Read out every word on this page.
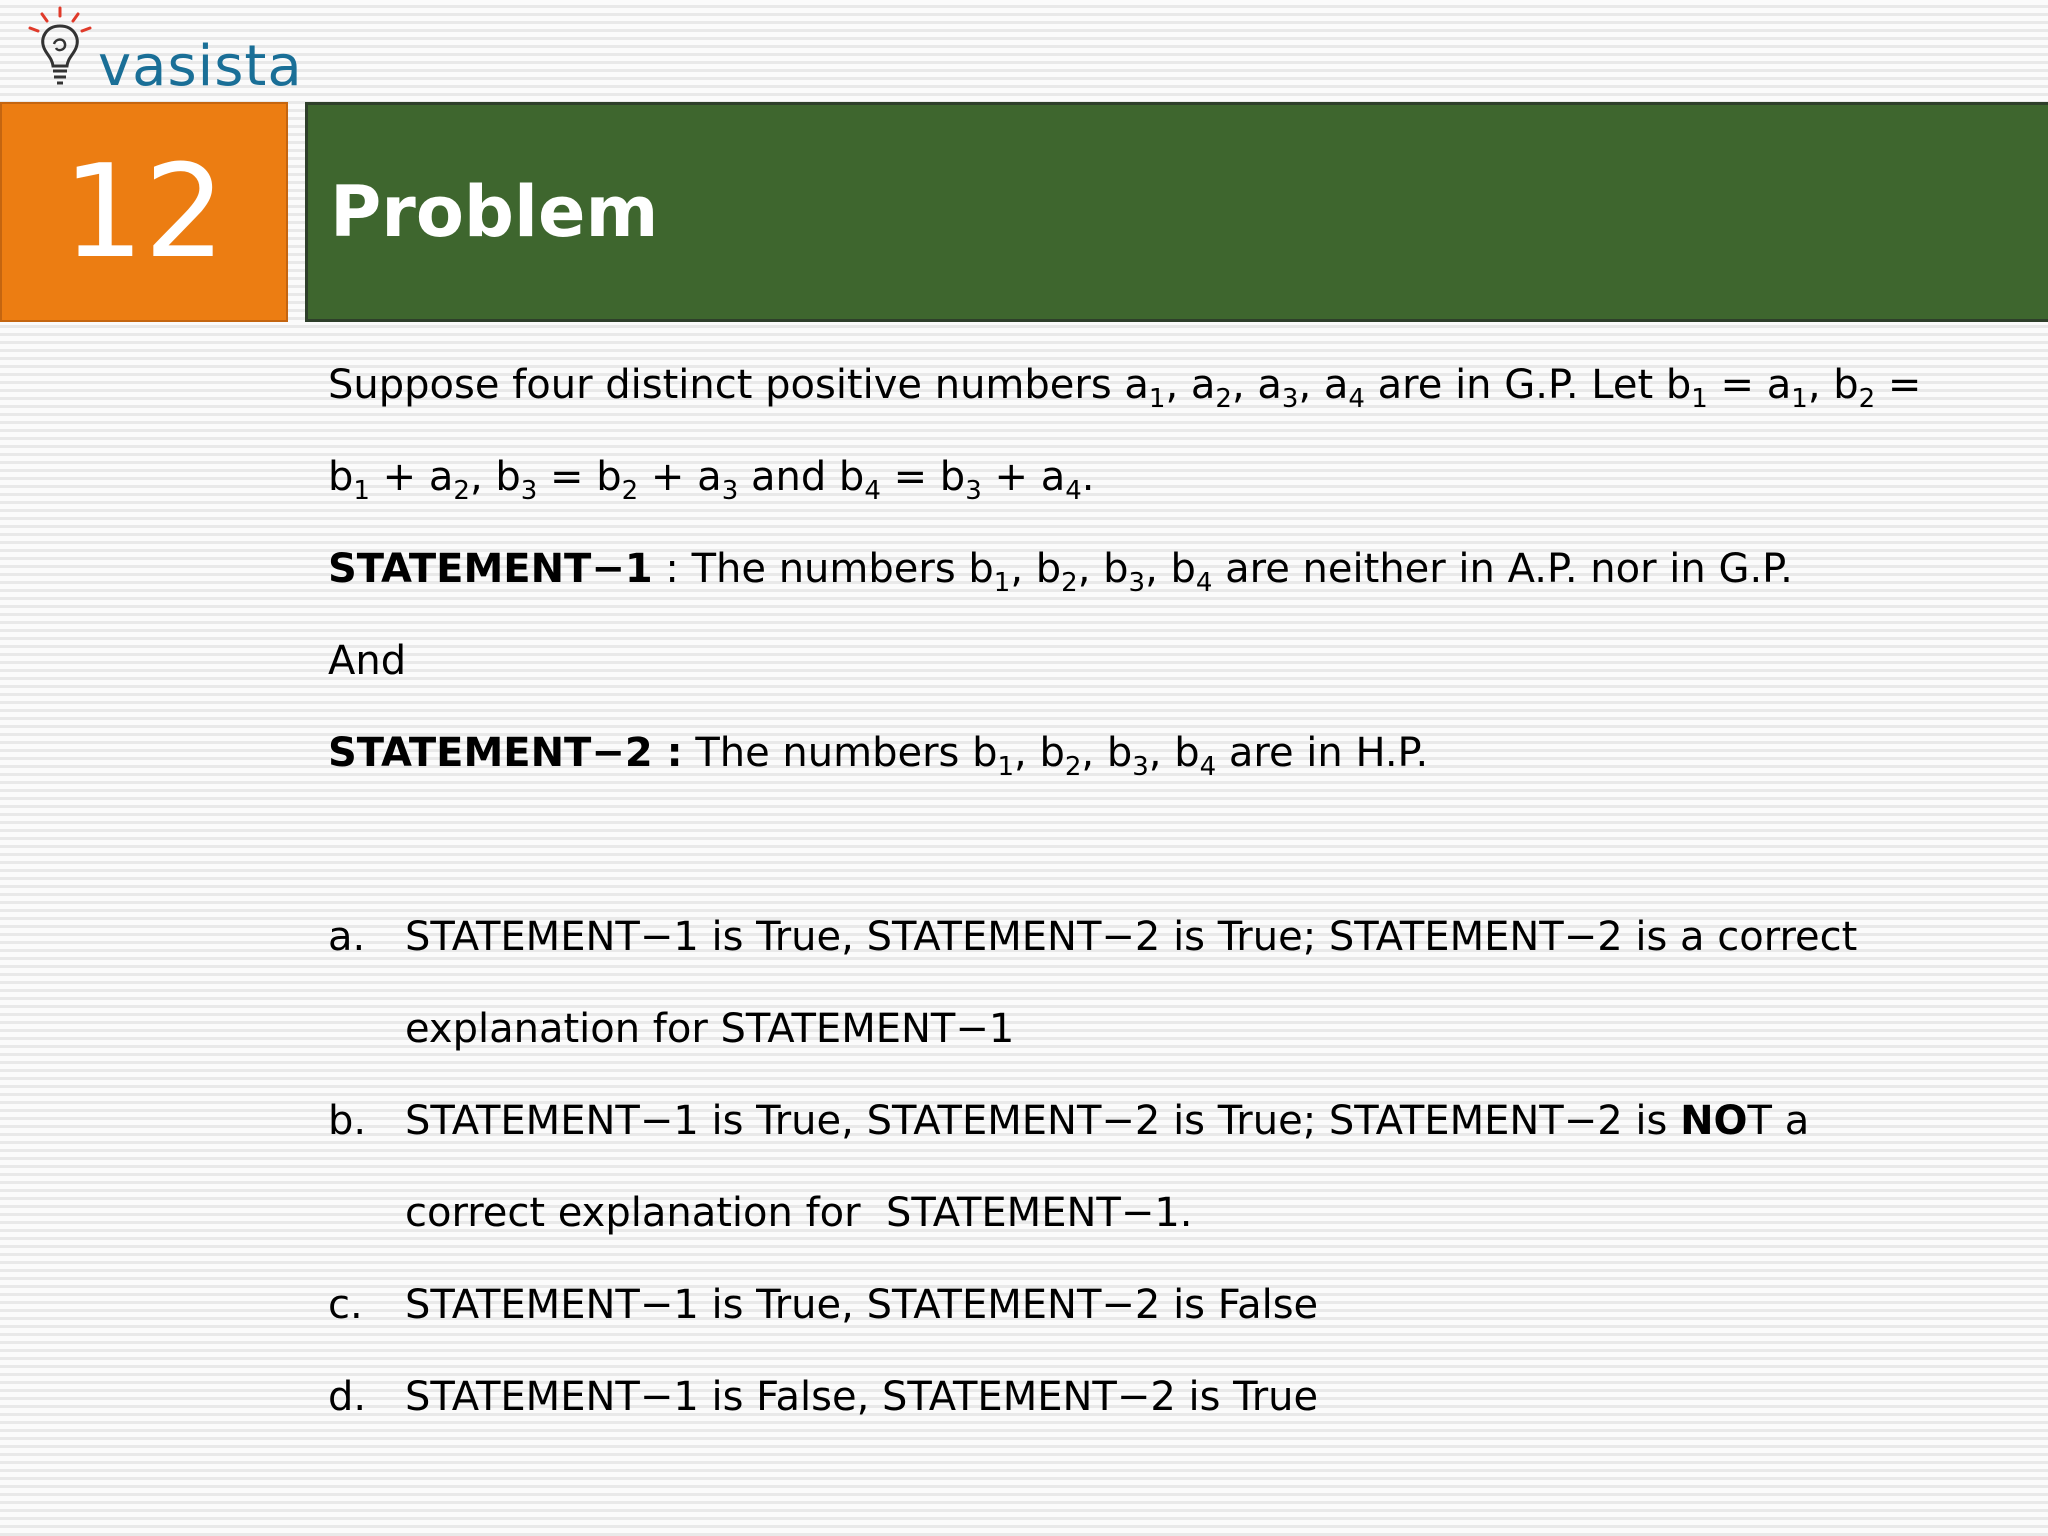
vasista
12 Problem
Suppose four distinct positive numbers $a_1$, $a_2$, $a_3$, $a_4$ are in G.P. Let $b_1 = a_1$, $b_2$ =
$b_1 + a_2$, $b_3 = b_2 + a_3$ and $b_4 = b_3 + a_4$.
STATEMENT−1 : The numbers $b_1$, $b_2$, $b_3$, $b_4$ are neither in A.P. nor in G.P.
And
STATEMENT−2 : The numbers $b_1$, $b_2$, $b_3$, $b_4$ are in H.P.
a. STATEMENT−1 is True, STATEMENT−2 is True; STATEMENT−2 is a correct
explanation for STATEMENT−1
b. STATEMENT−1 is True, STATEMENT−2 is True; STATEMENT−2 is NOT a
correct explanation for  STATEMENT−1.
c. STATEMENT−1 is True, STATEMENT−2 is False
d. STATEMENT−1 is False, STATEMENT−2 is True
